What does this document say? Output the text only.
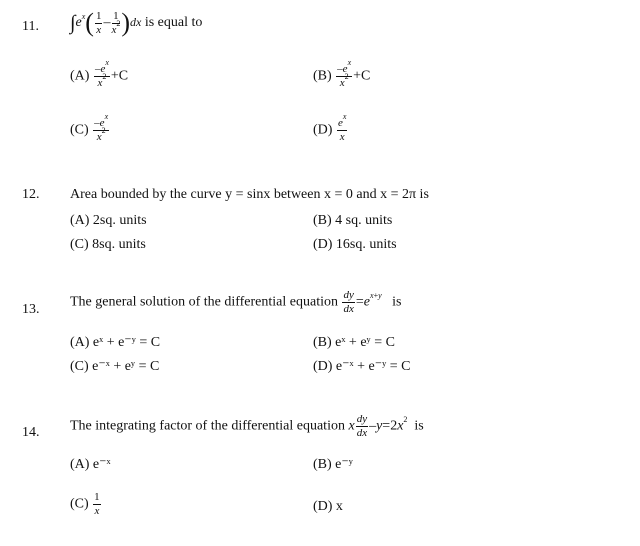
11. $\int e^x( \frac{1}{x} - \frac{1}{x^2} )dx$ is equal to
$(A) \frac{-e^x}{x^2} +C$	$(B) \frac{-e^x}{x^2} +C$
$(C) \frac{-e^x}{x^2}$	$(D) \frac{e^x}{x}$
12. Area bounded by the curve y = sinx between x = 0 and x = 2π is
(A) 2sq. units	(B) 4 sq. units
(C) 8sq. units	(D) 16sq. units
13. The general solution of the differential equation $\frac{dy}{dx} =e^{x+y}$ is
(A) eˣ + e⁻ʸ = C	(B) eˣ + eʸ = C
(C) e⁻ˣ + eʸ = C	(D) e⁻ˣ + e⁻ʸ = C
14. The integrating factor of the differential equation x $\frac{dy}{dx} -y=2x^2$ is
(A) e⁻ˣ	(B) e⁻ʸ
$(C) \frac{1}{x}$	(D) x
